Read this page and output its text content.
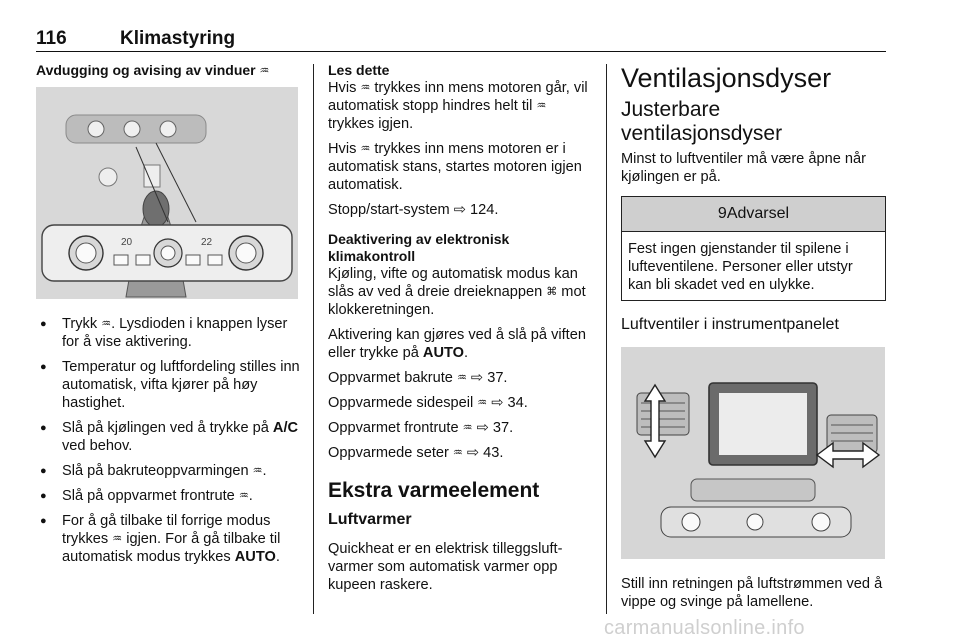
116	Klimastyring
Avdugging og avising av vinduer ♒
20	22
● Trykk ♒. Lysdioden i knappen lyser for å vise aktivering.
● Temperatur og luftfordeling stilles inn automatisk, vifta kjører på høy hastighet.
● Slå på kjølingen ved å trykke på A/C ved behov.
● Slå på bakruteoppvarmingen ♒.
● Slå på oppvarmet frontrute ♒.
● For å gå tilbake til forrige modus trykkes ♒ igjen. For å gå tilbake til automatisk modus trykkes AUTO.
Les dette

Hvis ♒ trykkes inn mens motoren går, vil automatisk stopp hindres helt til ♒ trykkes igjen.

Hvis ♒ trykkes inn mens motoren er i automatisk stans, startes motoren igjen automatisk.

Stopp/start-system ⇨ 124.

Deaktivering av elektronisk klimakontroll

Kjøling, vifte og automatisk modus kan slås av ved å dreie dreieknappen ⌘ mot klokkeretningen.

Aktivering kan gjøres ved å slå på viften eller trykke på AUTO.

Oppvarmet bakrute ♒ ⇨ 37.

Oppvarmede sidespeil ♒ ⇨ 34.

Oppvarmet frontrute ♒ ⇨ 37.

Oppvarmede seter ♒ ⇨ 43.

Ekstra varmeelement
Luftvarmer

Quickheat er en elektrisk tilleggsluftvarmer som automatisk varmer opp kupeen raskere.

Ventilasjonsdyser
Justerbare ventilasjonsdyser

Minst to luftventiler må være åpne når kjølingen er på.

9Advarsel
Fest ingen gjenstander til spilene i lufteventilene. Personer eller utstyr kan bli skadet ved en ulykke.
Luftventiler i instrumentpanelet

Still inn retningen på luftstrømmen ved å vippe og svinge på lamellene.

carmanualsonline.info
